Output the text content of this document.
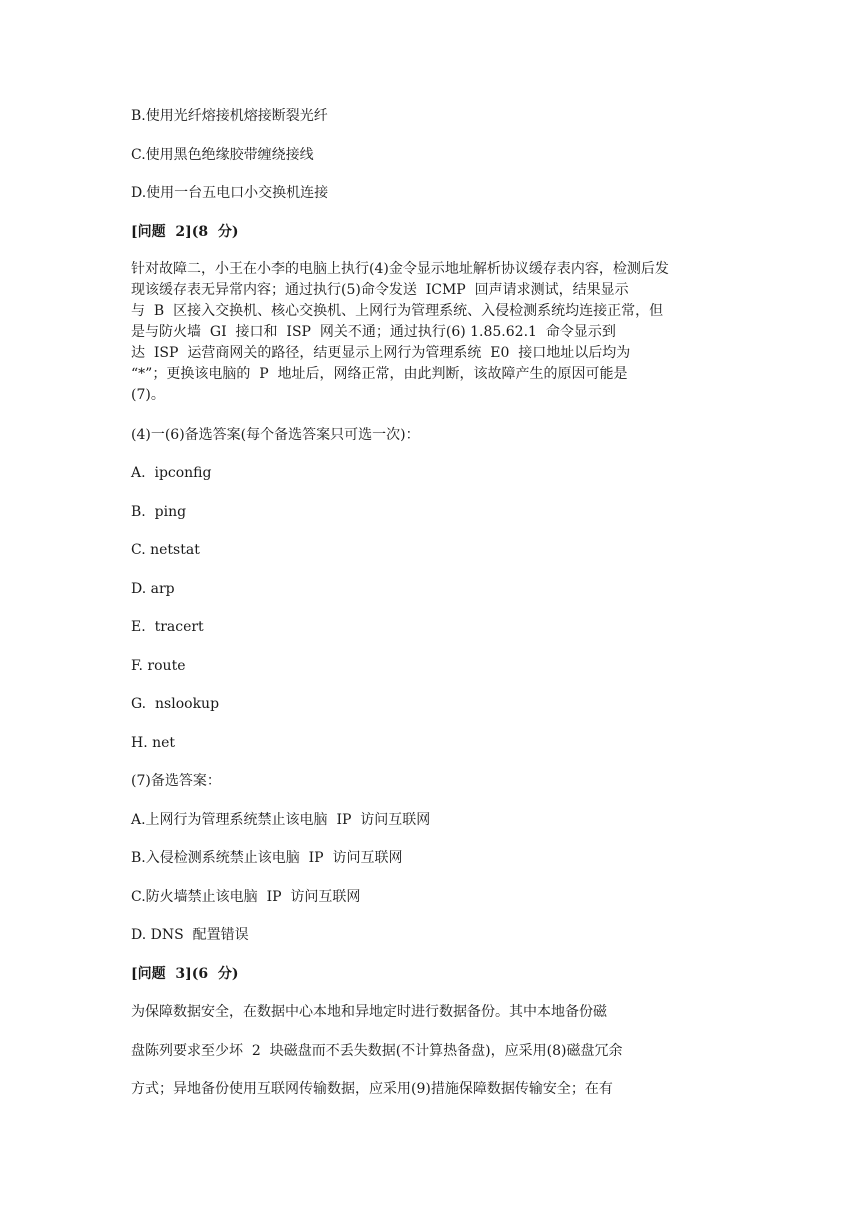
B.使用光纤熔接机熔接断裂光纤

C.使用黑色绝缘胶带缠绕接线

D.使用一台五电口小交换机连接

[问题  2](8  分)

针对故障二，小王在小李的电脑上执行(4)金令显示地址解析协议缓存表内容，检测后发
现该缓存表无异常内容；通过执行(5)命令发送  ICMP  回声请求测试，结果显示
与  B  区接入交换机、核心交换机、上网行为管理系统、入侵检测系统均连接正常，但
是与防火墙  GI  接口和  ISP  网关不通；通过执行(6) 1.85.62.1  命令显示到
达  ISP  运营商网关的路径，结更显示上网行为管理系统  E0  接口地址以后均为
“*”；更换该电脑的  P  地址后，网络正常，由此判断，该故障产生的原因可能是
(7)。

(4)一(6)备选答案(每个备选答案只可选一次)：

A.  ipconfig

B.  ping

C. netstat

D. arp

E.  tracert

F. route

G.  nslookup

H. net

(7)备选答案：

A.上网行为管理系统禁止该电脑  IP  访问互联网

B.入侵检测系统禁止该电脑  IP  访问互联网

C.防火墙禁止该电脑  IP  访问互联网

D. DNS  配置错误

[问题  3](6  分)

为保障数据安全，在数据中心本地和异地定时进行数据备份。其中本地备份磁

盘陈列要求至少坏  2  块磁盘而不丢失数据(不计算热备盘)，应采用(8)磁盘冗余

方式；异地备份使用互联网传输数据，应采用(9)措施保障数据传输安全；在有
